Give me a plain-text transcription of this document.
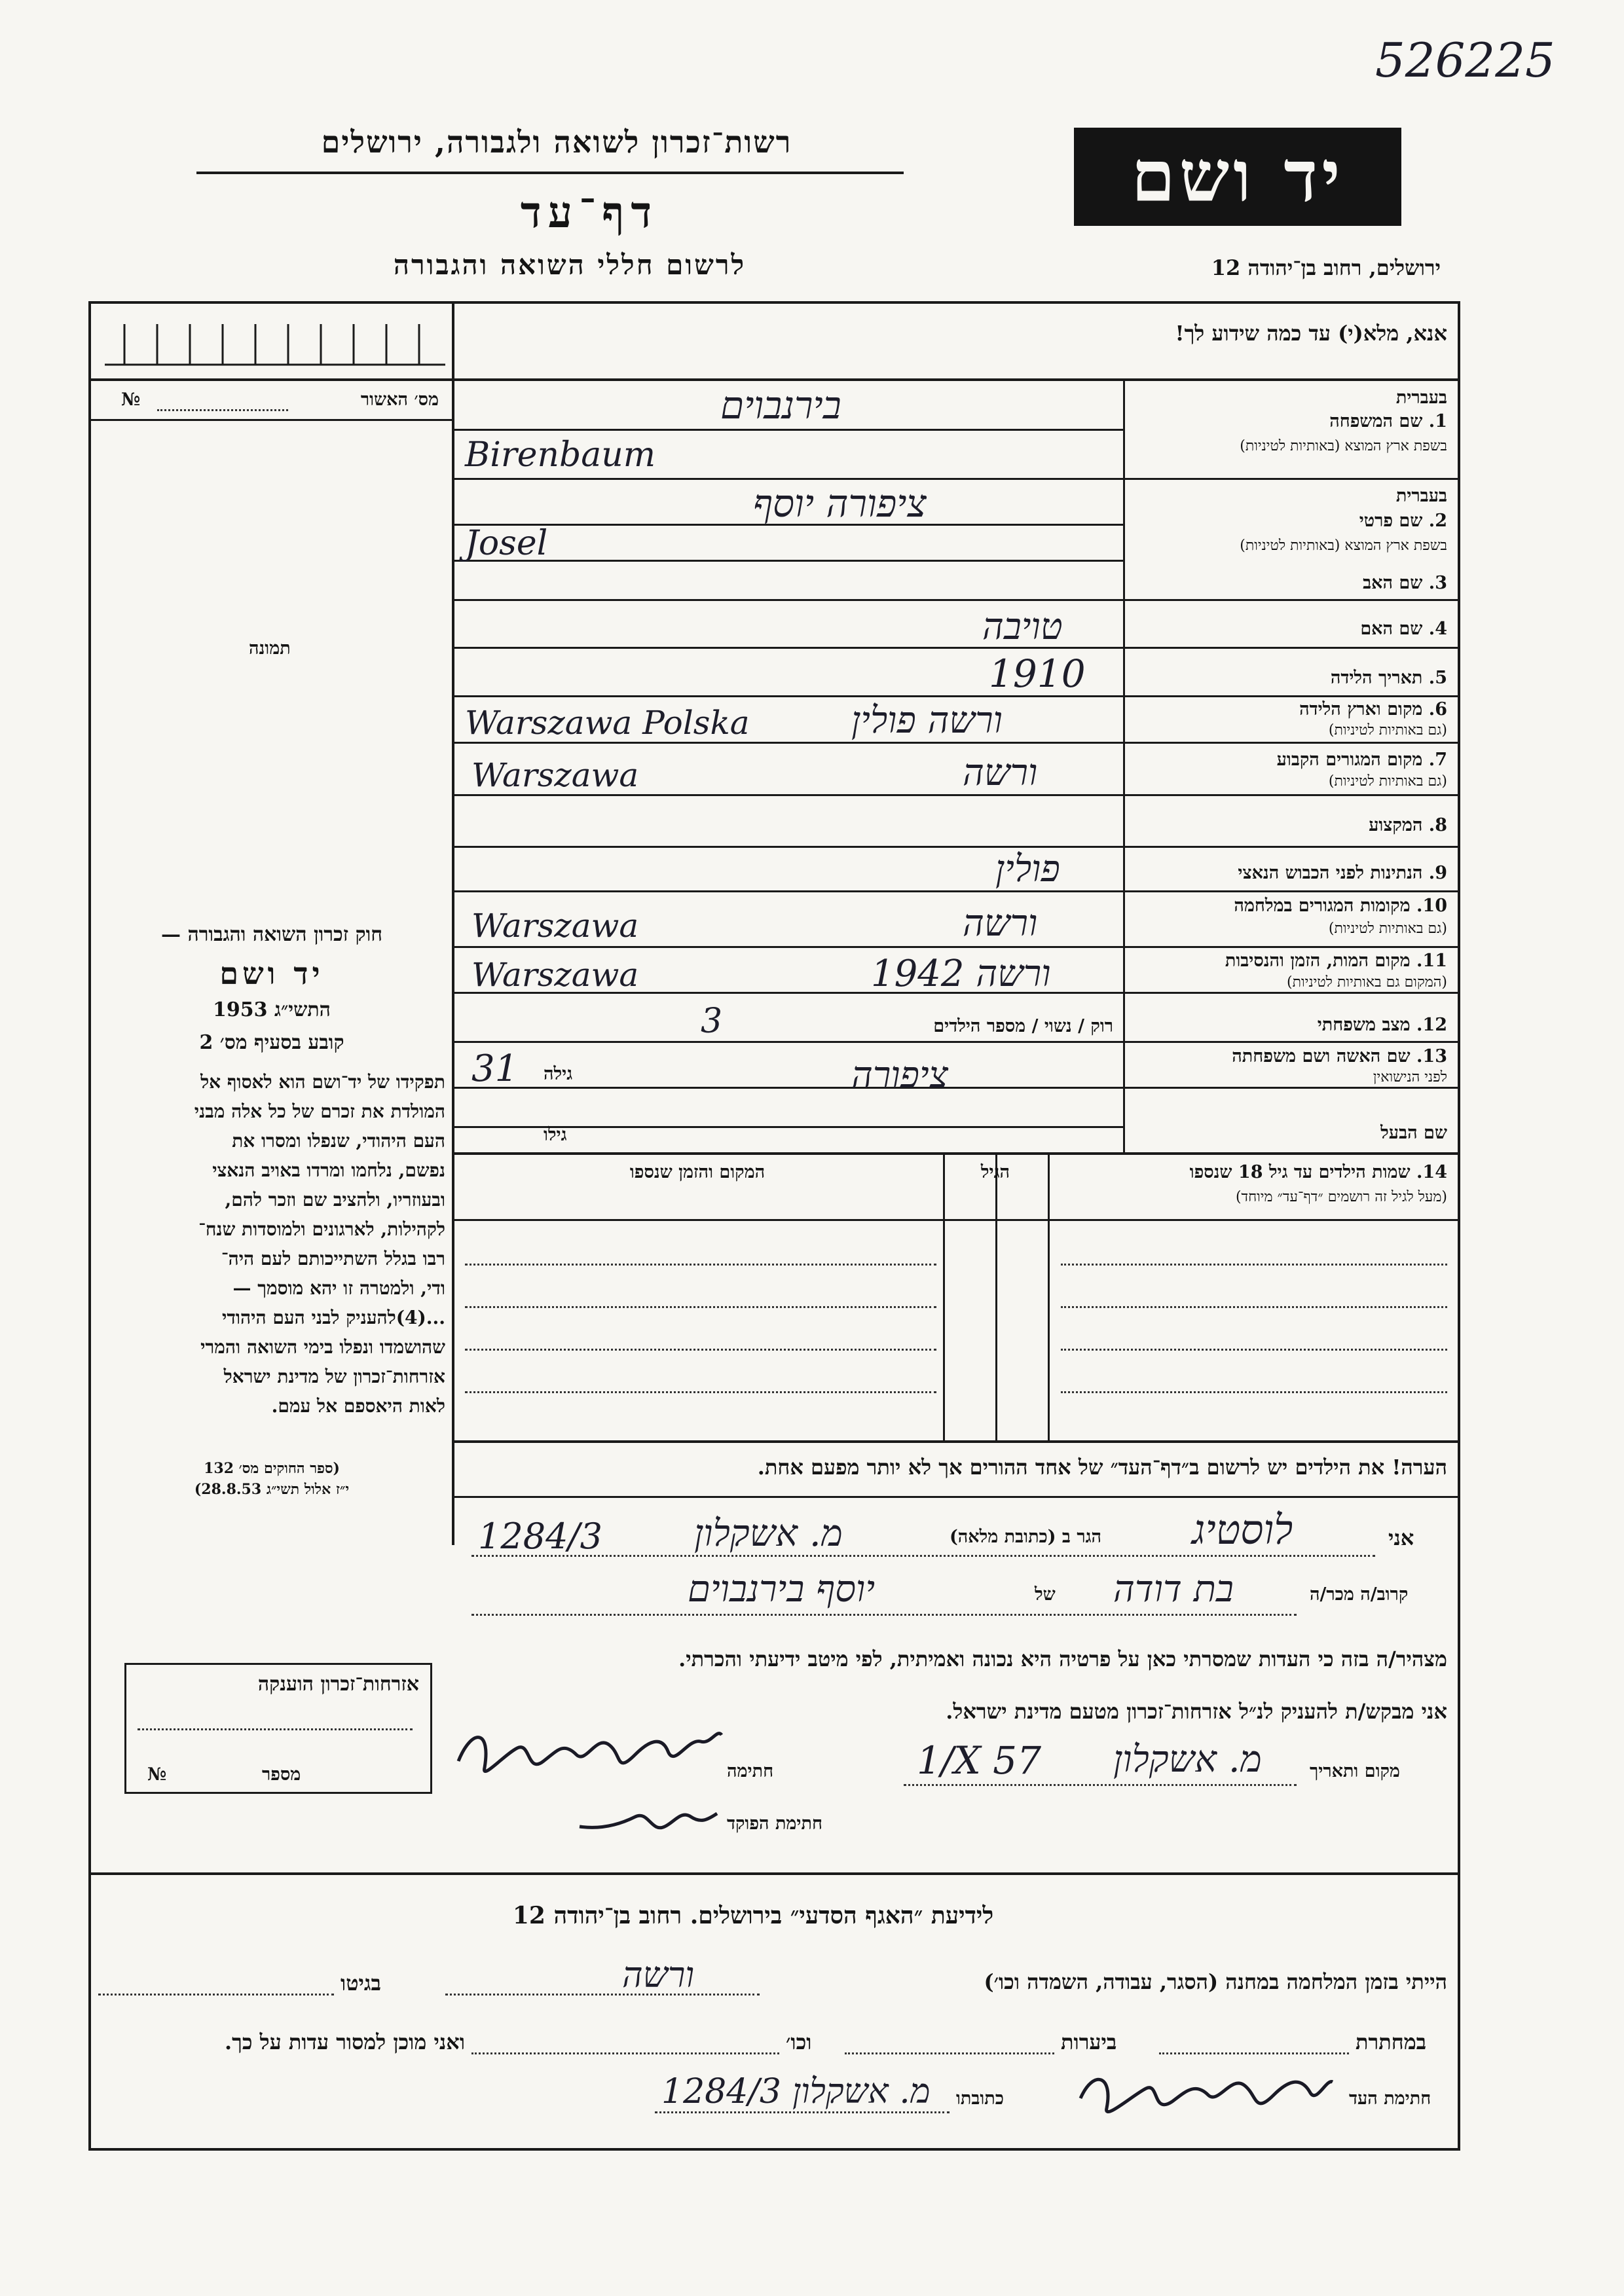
526225
רשות־זכרון לשואה ולגבורה, ירושלים
דף־עד
לרשום חללי השואה והגבורה
יד ושם
ירושלים, רחוב בן־יהודה 12
מס׳ האשור
№
תמונה
חוק זכרון השואה והגבורה —
יד ושם
התשי״ג 1953
קובע בסעיף מס׳ 2
תפקידו של יד־ושם הוא לאסוף אל
המולדת את זכרם של כל אלה מבני
העם היהודי, שנפלו ומסרו את
נפשם, נלחמו ומרדו באויב הנאצי
ובעוזריו, ולהציב שם וזכר להם,
לקהילות, לארגונים ולמוסדות שנח־
רבו בגלל השתייכותם לעם היה־
ודי, ולמטרה זו יהא מוסמך —
...(4)להעניק לבני העם היהודי
שהושמדו ונפלו בימי השואה והמרי
אזרחות־זכרון של מדינת ישראל
לאות היאספם אל עמם.
(ספר החוקים מס׳ 132
י״ז אלול תשי״ג 28.8.53)
אזרחות־זכרון הוענקה
מספר
№
אנא, מלא(י) עד כמה שידוע לך!
בעברית
1. שם המשפחה
בשפת ארץ המוצא (באותיות לטיניות)
בירנבוים
Birenbaum
בעברית
2. שם פרטי
בשפת ארץ המוצא (באותיות לטיניות)
ציפורה יוסף
Josel
3. שם האב
4. שם האם
טויבה
5. תאריך הלידה
1910
6. מקום וארץ הלידה
(גם באותיות לטיניות)
Warszawa Polska	ורשה פולין
7. מקום המגורים הקבוע
(גם באותיות לטיניות)
Warszawa	ורשה
8. המקצוע
9. הנתינות לפני הכבוש הנאצי
פולין
10. מקומות המגורים במלחמה
(גם באותיות לטיניות)
Warszawa	ורשה
11. מקום המות, הזמן והנסיבות
(המקום גם באותיות לטיניות)
Warszawa	ורשה 1942
12. מצב משפחתי
רוק / נשוי / מספר הילדים
3
13. שם האשה ושם משפחתה
לפני הנישואין
ציפורה
גילה
31
שם הבעל
גילו
14. שמות הילדים עד גיל 18 שנספו
(מעל לגיל זה רושמים ״דף־עד״ מיוחד)
הגיל
המקום והזמן שנספו
הערה! את הילדים יש לרשום ב״דף־העד״ של אחד ההורים אך לא יותר מפעם אחת.
אני
לוסטיג
הגר ב (כתובת מלאה)
מ. אשקלון
1284/3
קרוב/ה מכר/ה
בת דודה
של
יוסף בירנבוים
מצהיר/ה בזה כי העדות שמסרתי כאן על פרטיה היא נכונה ואמיתית, לפי מיטב ידיעתי והכרתי.
אני מבקש/ת להעניק לנ״ל אזרחות־זכרון מטעם מדינת ישראל.
מקום ותאריך
מ. אשקלון
1/X 57
חתימה
חתימת הפוקד
לידיעת ״האגף הסדעי״ בירושלים. רחוב בן־יהודה 12
הייתי בזמן המלחמה במחנה (הסגר, עבודה, השמדה וכו׳)
ורשה
בגיטו
במחתרת
ביערות
וכו׳
ואני מוכן למסור עדות על כך.
חתימת העד
כתובתו
מ. אשקלון
1284/3
